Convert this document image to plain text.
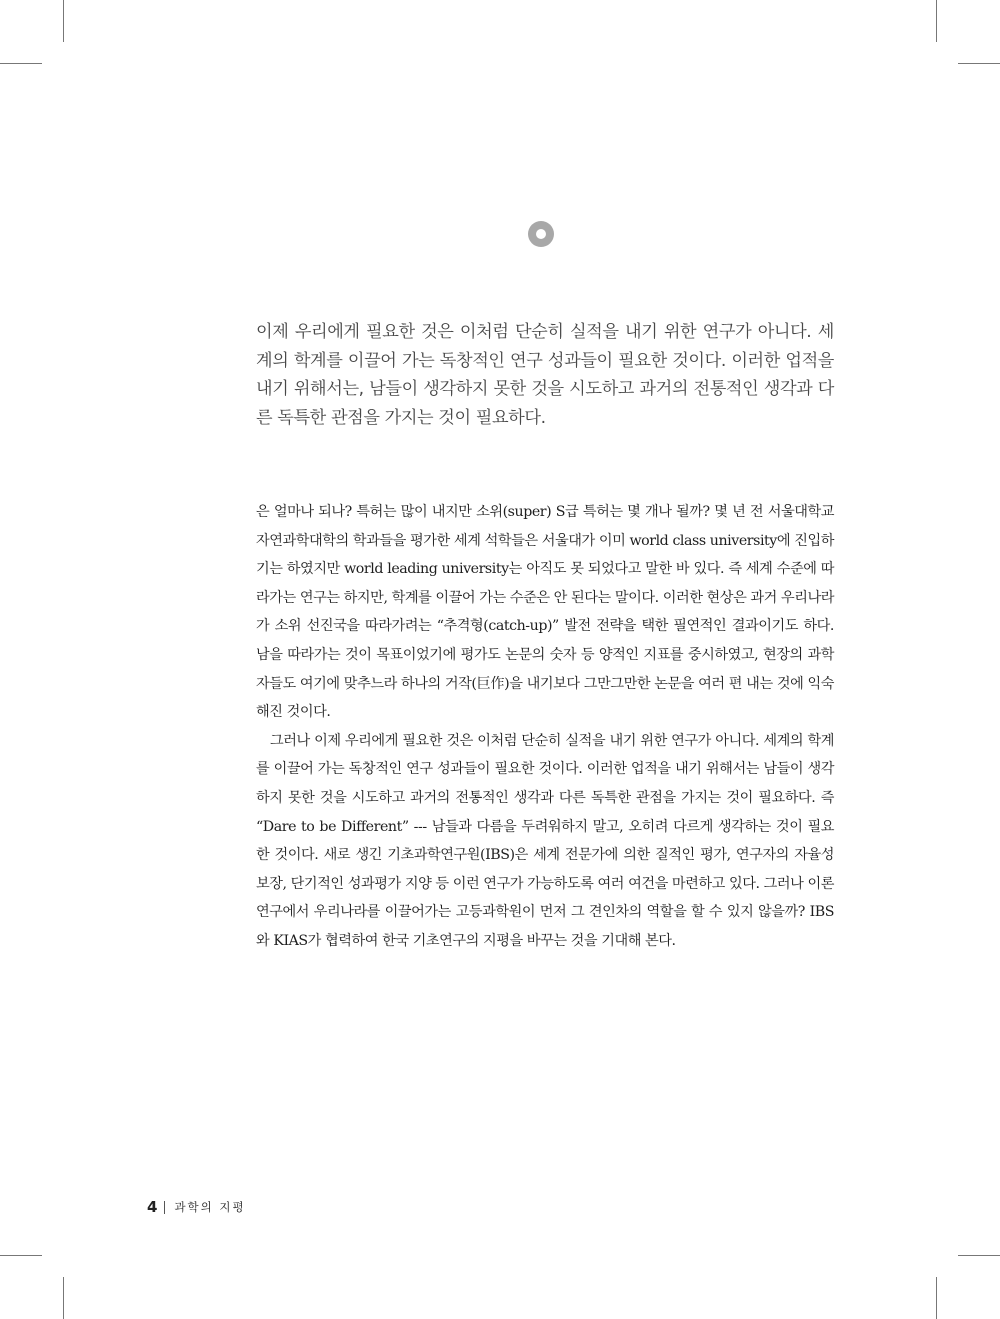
이제 우리에게 필요한 것은 이처럼 단순히 실적을 내기 위한 연구가 아니다. 세계의 학계를 이끌어 가는 독창적인 연구 성과들이 필요한 것이다. 이러한 업적을 내기 위해서는, 남들이 생각하지 못한 것을 시도하고 과거의 전통적인 생각과 다른 독특한 관점을 가지는 것이 필요하다.

은 얼마나 되나? 특허는 많이 내지만 소위(super) S급 특허는 몇 개나 될까? 몇 년 전 서울대학교 자연과학대학의 학과들을 평가한 세계 석학들은 서울대가 이미 world class university에 진입하기는 하였지만 world leading university는 아직도 못 되었다고 말한 바 있다. 즉 세계 수준에 따라가는 연구는 하지만, 학계를 이끌어 가는 수준은 안 된다는 말이다. 이러한 현상은 과거 우리나라가 소위 선진국을 따라가려는 “추격형(catch-up)” 발전 전략을 택한 필연적인 결과이기도 하다. 남을 따라가는 것이 목표이었기에 평가도 논문의 숫자 등 양적인 지표를 중시하였고, 현장의 과학자들도 여기에 맞추느라 하나의 거작(巨作)을 내기보다 그만그만한 논문을 여러 편 내는 것에 익숙해진 것이다.

그러나 이제 우리에게 필요한 것은 이처럼 단순히 실적을 내기 위한 연구가 아니다. 세계의 학계를 이끌어 가는 독창적인 연구 성과들이 필요한 것이다. 이러한 업적을 내기 위해서는 남들이 생각하지 못한 것을 시도하고 과거의 전통적인 생각과 다른 독특한 관점을 가지는 것이 필요하다. 즉 “Dare to be Different” --- 남들과 다름을 두려워하지 말고, 오히려 다르게 생각하는 것이 필요한 것이다. 새로 생긴 기초과학연구원(IBS)은 세계 전문가에 의한 질적인 평가, 연구자의 자율성 보장, 단기적인 성과평가 지양 등 이런 연구가 가능하도록 여러 여건을 마련하고 있다. 그러나 이론연구에서 우리나라를 이끌어가는 고등과학원이 먼저 그 견인차의 역할을 할 수 있지 않을까? IBS와 KIAS가 협력하여 한국 기초연구의 지평을 바꾸는 것을 기대해 본다.

4 과학의 지평
